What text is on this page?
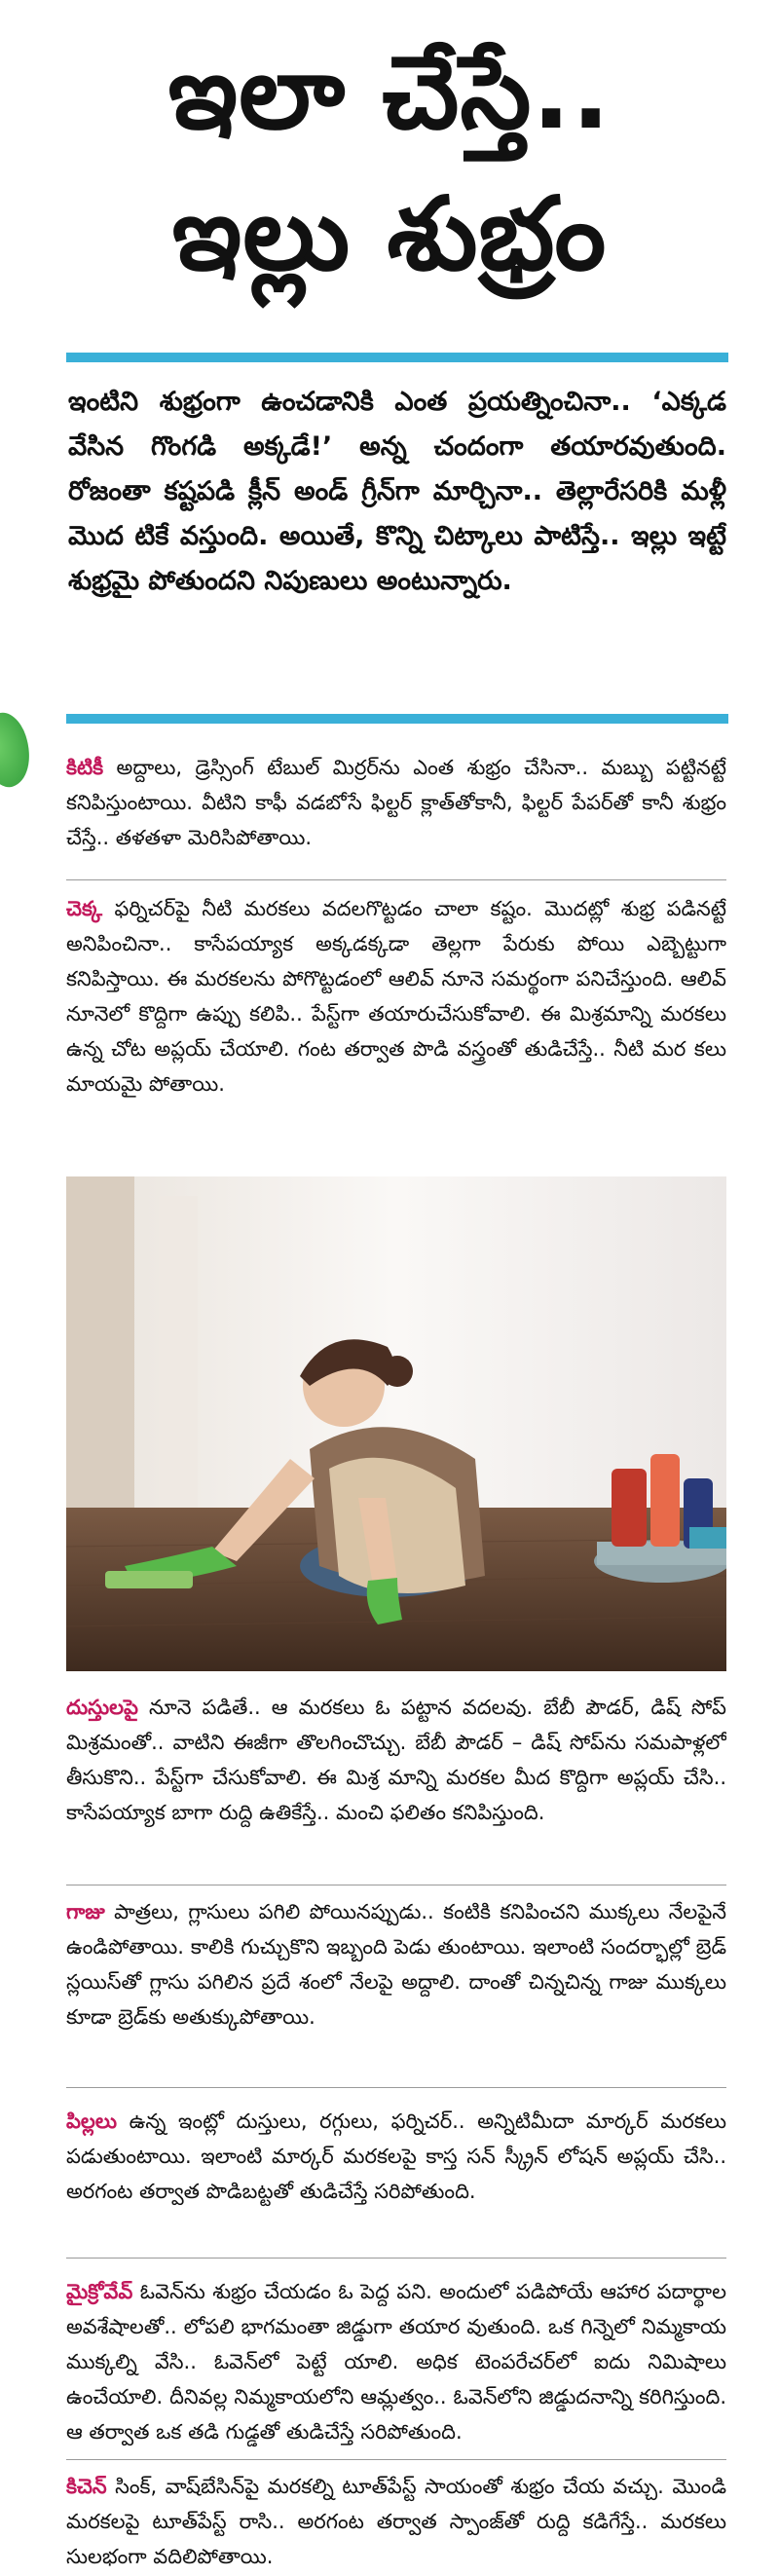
ఇలా చేస్తే..
ఇల్లు శుభ్రం
ఇంటిని శుభ్రంగా ఉంచడానికి ఎంత ప్రయత్నించినా.. ‘ఎక్కడ వేసిన గొంగడి అక్కడే!’ అన్న చందంగా తయారవుతుంది. రోజంతా కష్టపడి క్లీన్ అండ్ గ్రీన్‌గా మార్చినా.. తెల్లారేసరికి మళ్లీ మొద టికే వస్తుంది. అయితే, కొన్ని చిట్కాలు పాటిస్తే.. ఇల్లు ఇట్టే శుభ్రమై పోతుందని నిపుణులు అంటున్నారు.
కిటికీ అద్దాలు, డ్రెస్సింగ్ టేబుల్ మిర్రర్‌ను ఎంత శుభ్రం చేసినా.. మబ్బు పట్టినట్టే కనిపిస్తుంటాయి. వీటిని కాఫీ వడబోసే ఫిల్టర్ క్లాత్‌తోకానీ, ఫిల్టర్ పేపర్‌తో కానీ శుభ్రం చేస్తే.. తళతళా మెరిసిపోతాయి.
చెక్క ఫర్నిచర్‌పై నీటి మరకలు వదలగొట్టడం చాలా కష్టం. మొదట్లో శుభ్ర పడినట్టే అనిపించినా.. కాసేపయ్యాక అక్కడక్కడా తెల్లగా పేరుకు పోయి ఎబ్బెట్టుగా కనిపిస్తాయి. ఈ మరకలను పోగొట్టడంలో ఆలివ్ నూనె సమర్థంగా పనిచేస్తుంది. ఆలివ్ నూనెలో కొద్దిగా ఉప్పు కలిపి.. పేస్ట్‌గా తయారుచేసుకోవాలి. ఈ మిశ్రమాన్ని మరకలు ఉన్న చోట అప్లయ్ చేయాలి. గంట తర్వాత పొడి వస్త్రంతో తుడిచేస్తే.. నీటి మర కలు మాయమై పోతాయి.
దుస్తులపై నూనె పడితే.. ఆ మరకలు ఓ పట్టాన వదలవు. బేబీ పౌడర్, డిష్ సోప్ మిశ్రమంతో.. వాటిని ఈజీగా తొలగించొచ్చు. బేబీ పౌడర్ – డిష్ సోప్‌ను సమపాళ్లలో తీసుకొని.. పేస్ట్‌గా చేసుకోవాలి. ఈ మిశ్ర మాన్ని మరకల మీద కొద్దిగా అప్లయ్ చేసి.. కాసేపయ్యాక బాగా రుద్ది ఉతికేస్తే.. మంచి ఫలితం కనిపిస్తుంది.
గాజు పాత్రలు, గ్లాసులు పగిలి పోయినప్పుడు.. కంటికి కనిపించని ముక్కలు నేలపైనే ఉండిపోతాయి. కాలికి గుచ్చుకొని ఇబ్బంది పెడు తుంటాయి. ఇలాంటి సందర్భాల్లో బ్రెడ్ స్లయిస్‌తో గ్లాసు పగిలిన ప్రదే శంలో నేలపై అద్దాలి. దాంతో చిన్నచిన్న గాజు ముక్కలు కూడా బ్రెడ్‌కు అతుక్కుపోతాయి.
పిల్లలు ఉన్న ఇంట్లో దుస్తులు, రగ్గులు, ఫర్నిచర్.. అన్నిటిమీదా మార్కర్ మరకలు పడుతుంటాయి. ఇలాంటి మార్కర్ మరకలపై కాస్త సన్ స్క్రీన్ లోషన్ అప్లయ్ చేసి.. అరగంట తర్వాత పొడిబట్టతో తుడిచేస్తే సరిపోతుంది.
మైక్రోవేవ్ ఓవెన్‌ను శుభ్రం చేయడం ఓ పెద్ద పని. అందులో పడిపోయే ఆహార పదార్థాల అవశేషాలతో.. లోపలి భాగమంతా జిడ్డుగా తయార వుతుంది. ఒక గిన్నెలో నిమ్మకాయ ముక్కల్ని వేసి.. ఓవెన్‌లో పెట్టే యాలి. అధిక టెంపరేచర్‌లో ఐదు నిమిషాలు ఉంచేయాలి. దీనివల్ల నిమ్మకాయలోని ఆమ్లత్వం.. ఓవెన్‌లోని జిడ్డుదనాన్ని కరిగిస్తుంది. ఆ తర్వాత ఒక తడి గుడ్డతో తుడిచేస్తే సరిపోతుంది.
కిచెన్ సింక్, వాష్‌బేసిన్‌పై మరకల్ని టూత్‌పేస్ట్ సాయంతో శుభ్రం చేయ వచ్చు. మొండి మరకలపై టూత్‌పేస్ట్ రాసి.. అరగంట తర్వాత స్పాంజ్‌తో రుద్ది కడిగేస్తే.. మరకలు సులభంగా వదిలిపోతాయి.
